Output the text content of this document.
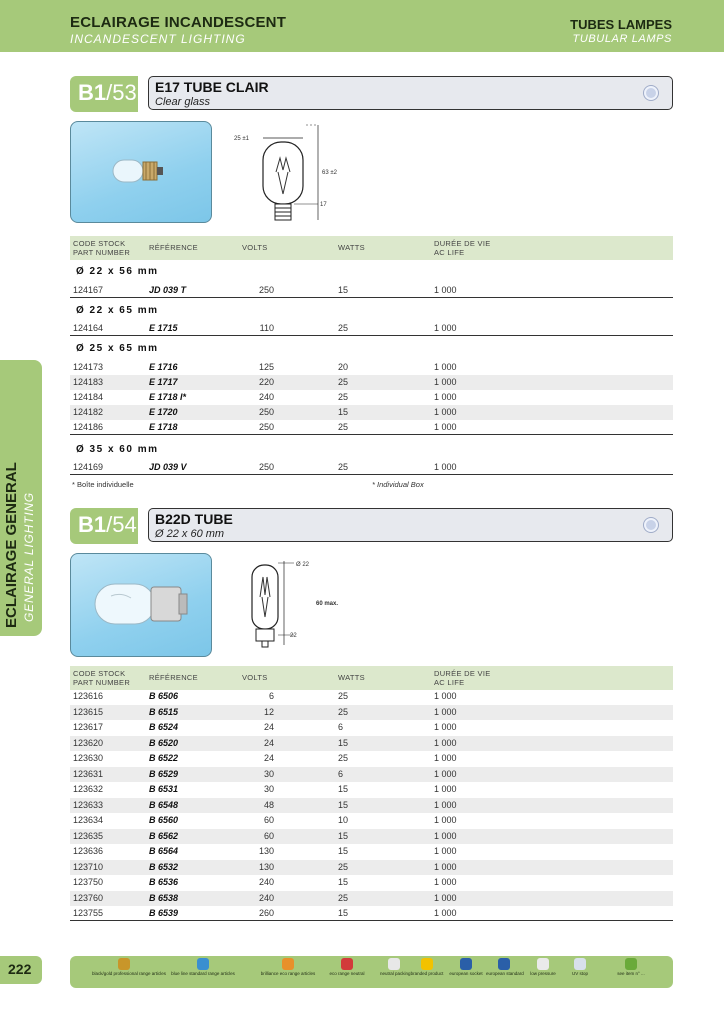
ECLAIRAGE INCANDESCENT
INCANDESCENT LIGHTING
TUBES LAMPES
TUBULAR LAMPS
ECLAIRAGE GENERAL GENERAL LIGHTING
B1/53 E17 TUBE CLAIR
Clear glass
25 ±1
63 ±2
17
CODE STOCK
PART NUMBER
RÉFÉRENCE	VOLTS	WATTS	DURÉE DE VIE
AC LIFE
Ø 22 x 56 mm
124167	JD 039 T	250	15	1 000
Ø 22 x 65 mm
124164	E 1715	110	25	1 000
Ø 25 x 65 mm
124173	E 1716	125	20	1 000
124183	E 1717	220	25	1 000
124184	E 1718 I*	240	25	1 000
124182	E 1720	250	15	1 000
124186	E 1718	250	25	1 000
Ø 35 x 60 mm
124169	JD 039 V	250	25	1 000
* Boîte individuelle	* Individual Box
B1/54 B22D TUBE
Ø 22 x 60 mm
Ø 22
60 max.
22
CODE STOCK
PART NUMBER
RÉFÉRENCE	VOLTS	WATTS	DURÉE DE VIE
AC LIFE
123616	B 6506	6	25	1 000
123615	B 6515	12	25	1 000
123617	B 6524	24	6	1 000
123620	B 6520	24	15	1 000
123630	B 6522	24	25	1 000
123631	B 6529	30	6	1 000
123632	B 6531	30	15	1 000
123633	B 6548	48	15	1 000
123634	B 6560	60	10	1 000
123635	B 6562	60	15	1 000
123636	B 6564	130	15	1 000
123710	B 6532	130	25	1 000
123750	B 6536	240	15	1 000
123760	B 6538	240	25	1 000
123755	B 6539	260	15	1 000
222	black/gold professional range articles	blue line standard range articles	brilliance eco range articles	eco range neutral	neutral packing branded product	european socket european standard	low pressure	UV stop	see item n° ...
